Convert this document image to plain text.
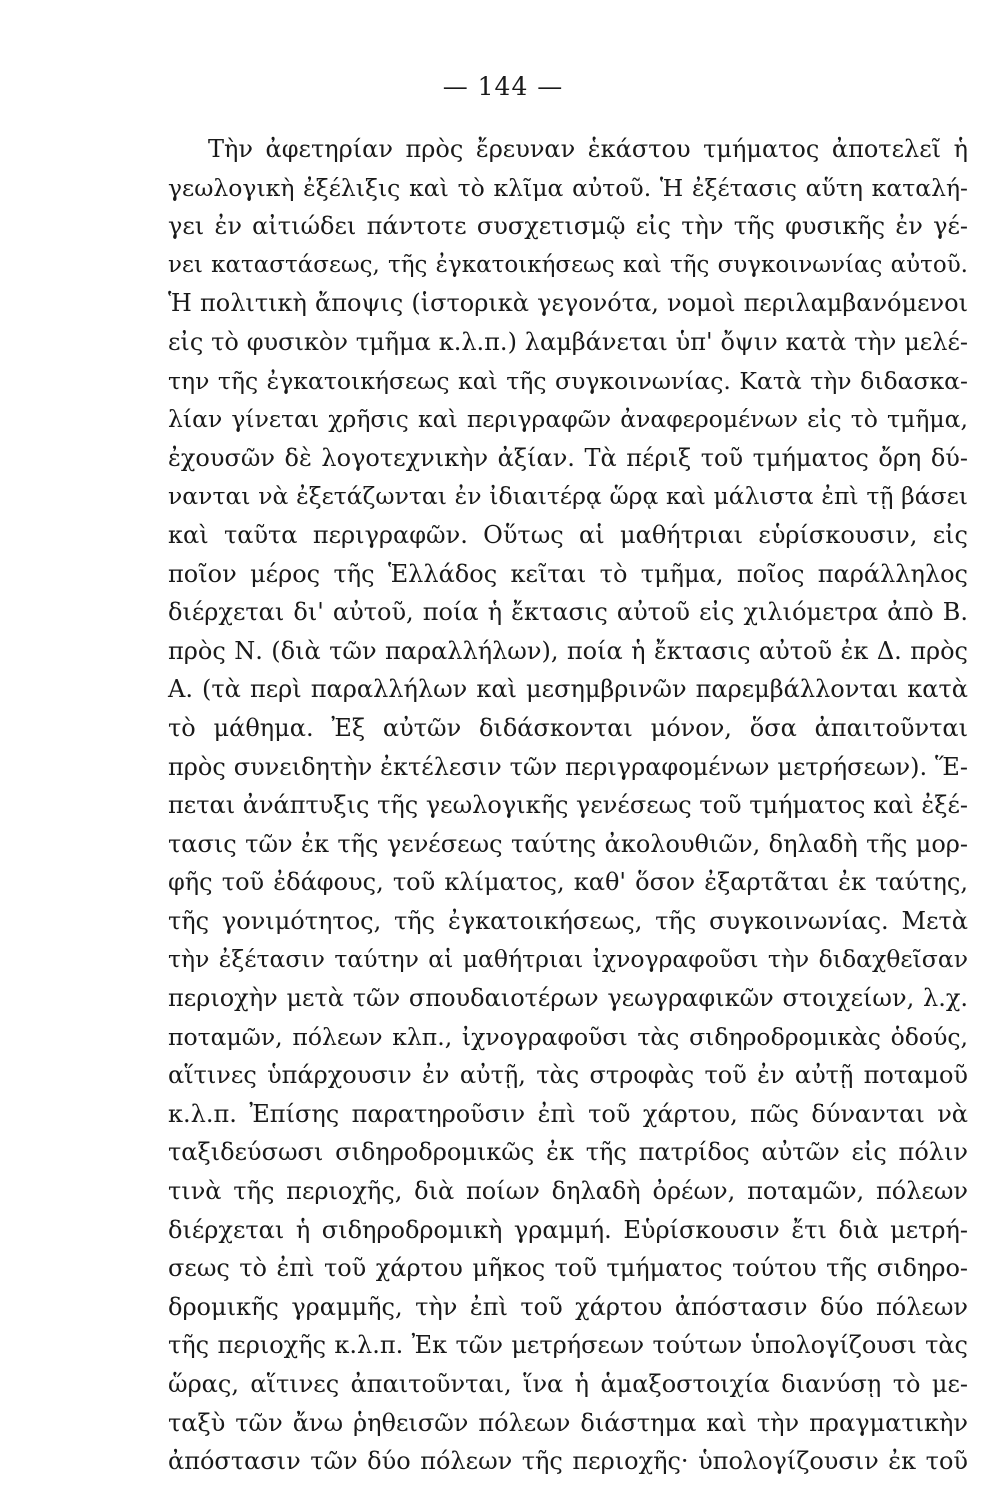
— 144 —
Τὴν ἀφετηρίαν πρὸς ἔρευναν ἑκάστου τμήματος ἀποτελεῖ ἡ
γεωλογικὴ ἐξέλιξις καὶ τὸ κλῖμα αὐτοῦ. Ἡ ἐξέτασις αὕτη καταλή-
γει ἐν αἰτιώδει πάντοτε συσχετισμῷ εἰς τὴν τῆς φυσικῆς ἐν γέ-
νει καταστάσεως, τῆς ἐγκατοικήσεως καὶ τῆς συγκοινωνίας αὐτοῦ.
Ἡ πολιτικὴ ἄποψις (ἱστορικὰ γεγονότα, νομοὶ περιλαμβανόμενοι
εἰς τὸ φυσικὸν τμῆμα κ.λ.π.) λαμβάνεται ὑπ' ὄψιν κατὰ τὴν μελέ-
την τῆς ἐγκατοικήσεως καὶ τῆς συγκοινωνίας. Κατὰ τὴν διδασκα-
λίαν γίνεται χρῆσις καὶ περιγραφῶν ἀναφερομένων εἰς τὸ τμῆμα,
ἐχουσῶν δὲ λογοτεχνικὴν ἀξίαν. Τὰ πέριξ τοῦ τμήματος ὄρη δύ-
νανται νὰ ἐξετάζωνται ἐν ἰδιαιτέρᾳ ὥρᾳ καὶ μάλιστα ἐπὶ τῇ βάσει
καὶ ταῦτα περιγραφῶν. Οὕτως αἱ μαθήτριαι εὑρίσκουσιν, εἰς
ποῖον μέρος τῆς Ἑλλάδος κεῖται τὸ τμῆμα, ποῖος παράλληλος
διέρχεται δι' αὐτοῦ, ποία ἡ ἔκτασις αὐτοῦ εἰς χιλιόμετρα ἀπὸ Β.
πρὸς Ν. (διὰ τῶν παραλλήλων), ποία ἡ ἔκτασις αὐτοῦ ἐκ Δ. πρὸς
Α. (τὰ περὶ παραλλήλων καὶ μεσημβρινῶν παρεμβάλλονται κατὰ
τὸ μάθημα. Ἐξ αὐτῶν διδάσκονται μόνον, ὅσα ἀπαιτοῦνται
πρὸς συνειδητὴν ἐκτέλεσιν τῶν περιγραφομένων μετρήσεων). Ἕ-
πεται ἀνάπτυξις τῆς γεωλογικῆς γενέσεως τοῦ τμήματος καὶ ἐξέ-
τασις τῶν ἐκ τῆς γενέσεως ταύτης ἀκολουθιῶν, δηλαδὴ τῆς μορ-
φῆς τοῦ ἐδάφους, τοῦ κλίματος, καθ' ὅσον ἐξαρτᾶται ἐκ ταύτης,
τῆς γονιμότητος, τῆς ἐγκατοικήσεως, τῆς συγκοινωνίας. Μετὰ
τὴν ἐξέτασιν ταύτην αἱ μαθήτριαι ἰχνογραφοῦσι τὴν διδαχθεῖσαν
περιοχὴν μετὰ τῶν σπουδαιοτέρων γεωγραφικῶν στοιχείων, λ.χ.
ποταμῶν, πόλεων κλπ., ἰχνογραφοῦσι τὰς σιδηροδρομικὰς ὁδούς,
αἵτινες ὑπάρχουσιν ἐν αὐτῇ, τὰς στροφὰς τοῦ ἐν αὐτῇ ποταμοῦ
κ.λ.π. Ἐπίσης παρατηροῦσιν ἐπὶ τοῦ χάρτου, πῶς δύνανται νὰ
ταξιδεύσωσι σιδηροδρομικῶς ἐκ τῆς πατρίδος αὐτῶν εἰς πόλιν
τινὰ τῆς περιοχῆς, διὰ ποίων δηλαδὴ ὀρέων, ποταμῶν, πόλεων
διέρχεται ἡ σιδηροδρομικὴ γραμμή. Εὑρίσκουσιν ἔτι διὰ μετρή-
σεως τὸ ἐπὶ τοῦ χάρτου μῆκος τοῦ τμήματος τούτου τῆς σιδηρο-
δρομικῆς γραμμῆς, τὴν ἐπὶ τοῦ χάρτου ἀπόστασιν δύο πόλεων
τῆς περιοχῆς κ.λ.π. Ἐκ τῶν μετρήσεων τούτων ὑπολογίζουσι τὰς
ὥρας, αἵτινες ἀπαιτοῦνται, ἵνα ἡ ἁμαξοστοιχία διανύσῃ τὸ με-
ταξὺ τῶν ἄνω ῥηθεισῶν πόλεων διάστημα καὶ τὴν πραγματικὴν
ἀπόστασιν τῶν δύο πόλεων τῆς περιοχῆς· ὑπολογίζουσιν ἐκ τοῦ
